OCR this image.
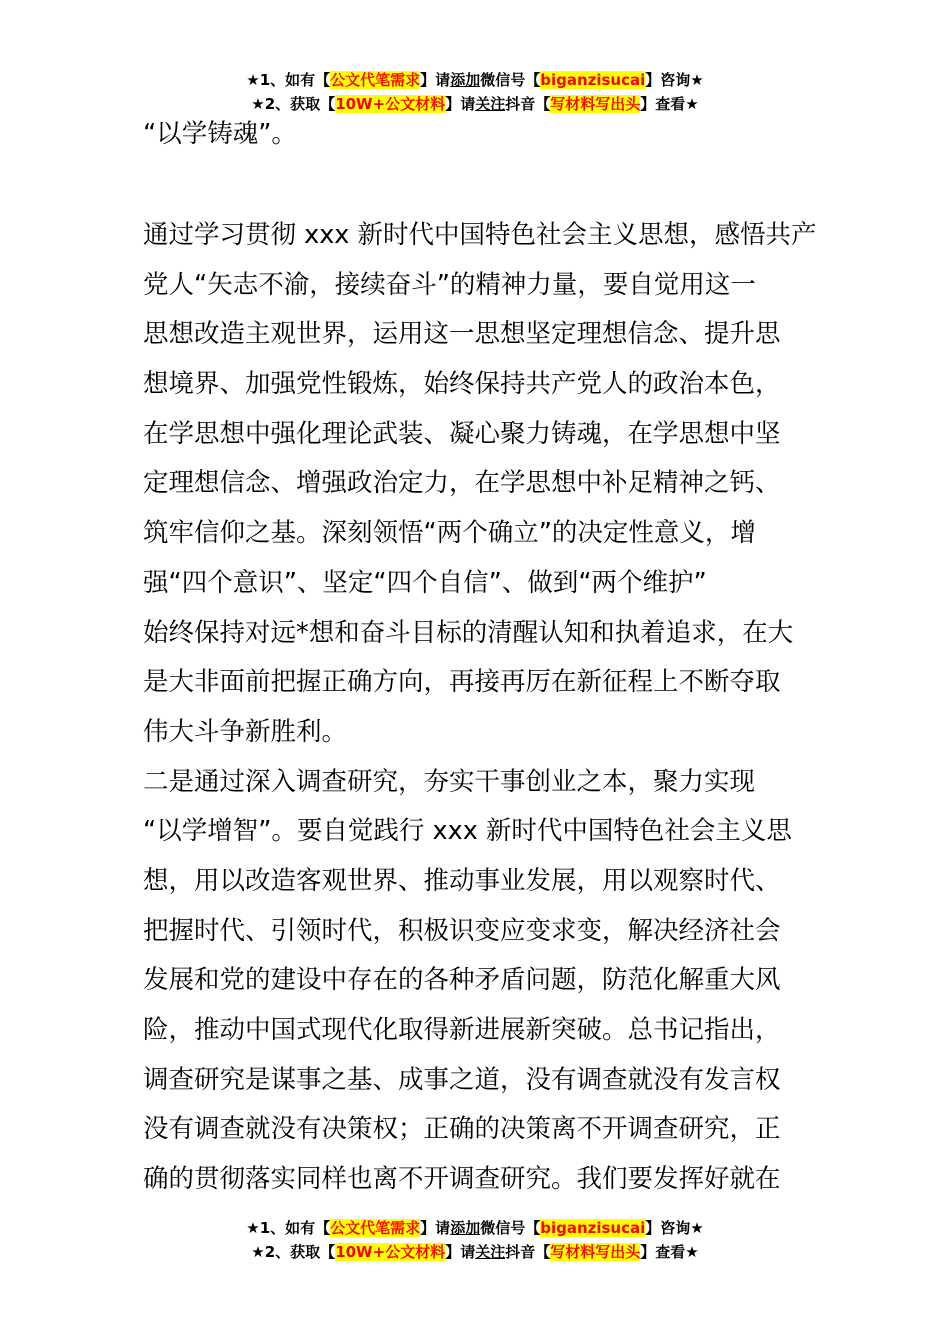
★1、如有【公文代笔需求】请添加微信号【biganzisucai】咨询★
★2、获取【10W+公文材料】请关注抖音【写材料写出头】查看★
“以学铸魂”。
通过学习贯彻 xxx 新时代中国特色社会主义思想，感悟共产
党人“矢志不渝，接续奋斗”的精神力量，要自觉用这一
思想改造主观世界，运用这一思想坚定理想信念、提升思
想境界、加强党性锻炼，始终保持共产党人的政治本色，
在学思想中强化理论武装、凝心聚力铸魂，在学思想中坚
定理想信念、增强政治定力，在学思想中补足精神之钙、
筑牢信仰之基。深刻领悟“两个确立”的决定性意义，增
强“四个意识”、坚定“四个自信”、做到“两个维护”
始终保持对远*想和奋斗目标的清醒认知和执着追求，在大
是大非面前把握正确方向，再接再厉在新征程上不断夺取
伟大斗争新胜利。
二是通过深入调查研究，夯实干事创业之本，聚力实现
“以学增智”。要自觉践行 xxx 新时代中国特色社会主义思
想，用以改造客观世界、推动事业发展，用以观察时代、
把握时代、引领时代，积极识变应变求变，解决经济社会
发展和党的建设中存在的各种矛盾问题，防范化解重大风
险，推动中国式现代化取得新进展新突破。总书记指出，
调查研究是谋事之基、成事之道，没有调查就没有发言权
没有调查就没有决策权；正确的决策离不开调查研究，正
确的贯彻落实同样也离不开调查研究。我们要发挥好就在
★1、如有【公文代笔需求】请添加微信号【biganzisucai】咨询★
★2、获取【10W+公文材料】请关注抖音【写材料写出头】查看★
